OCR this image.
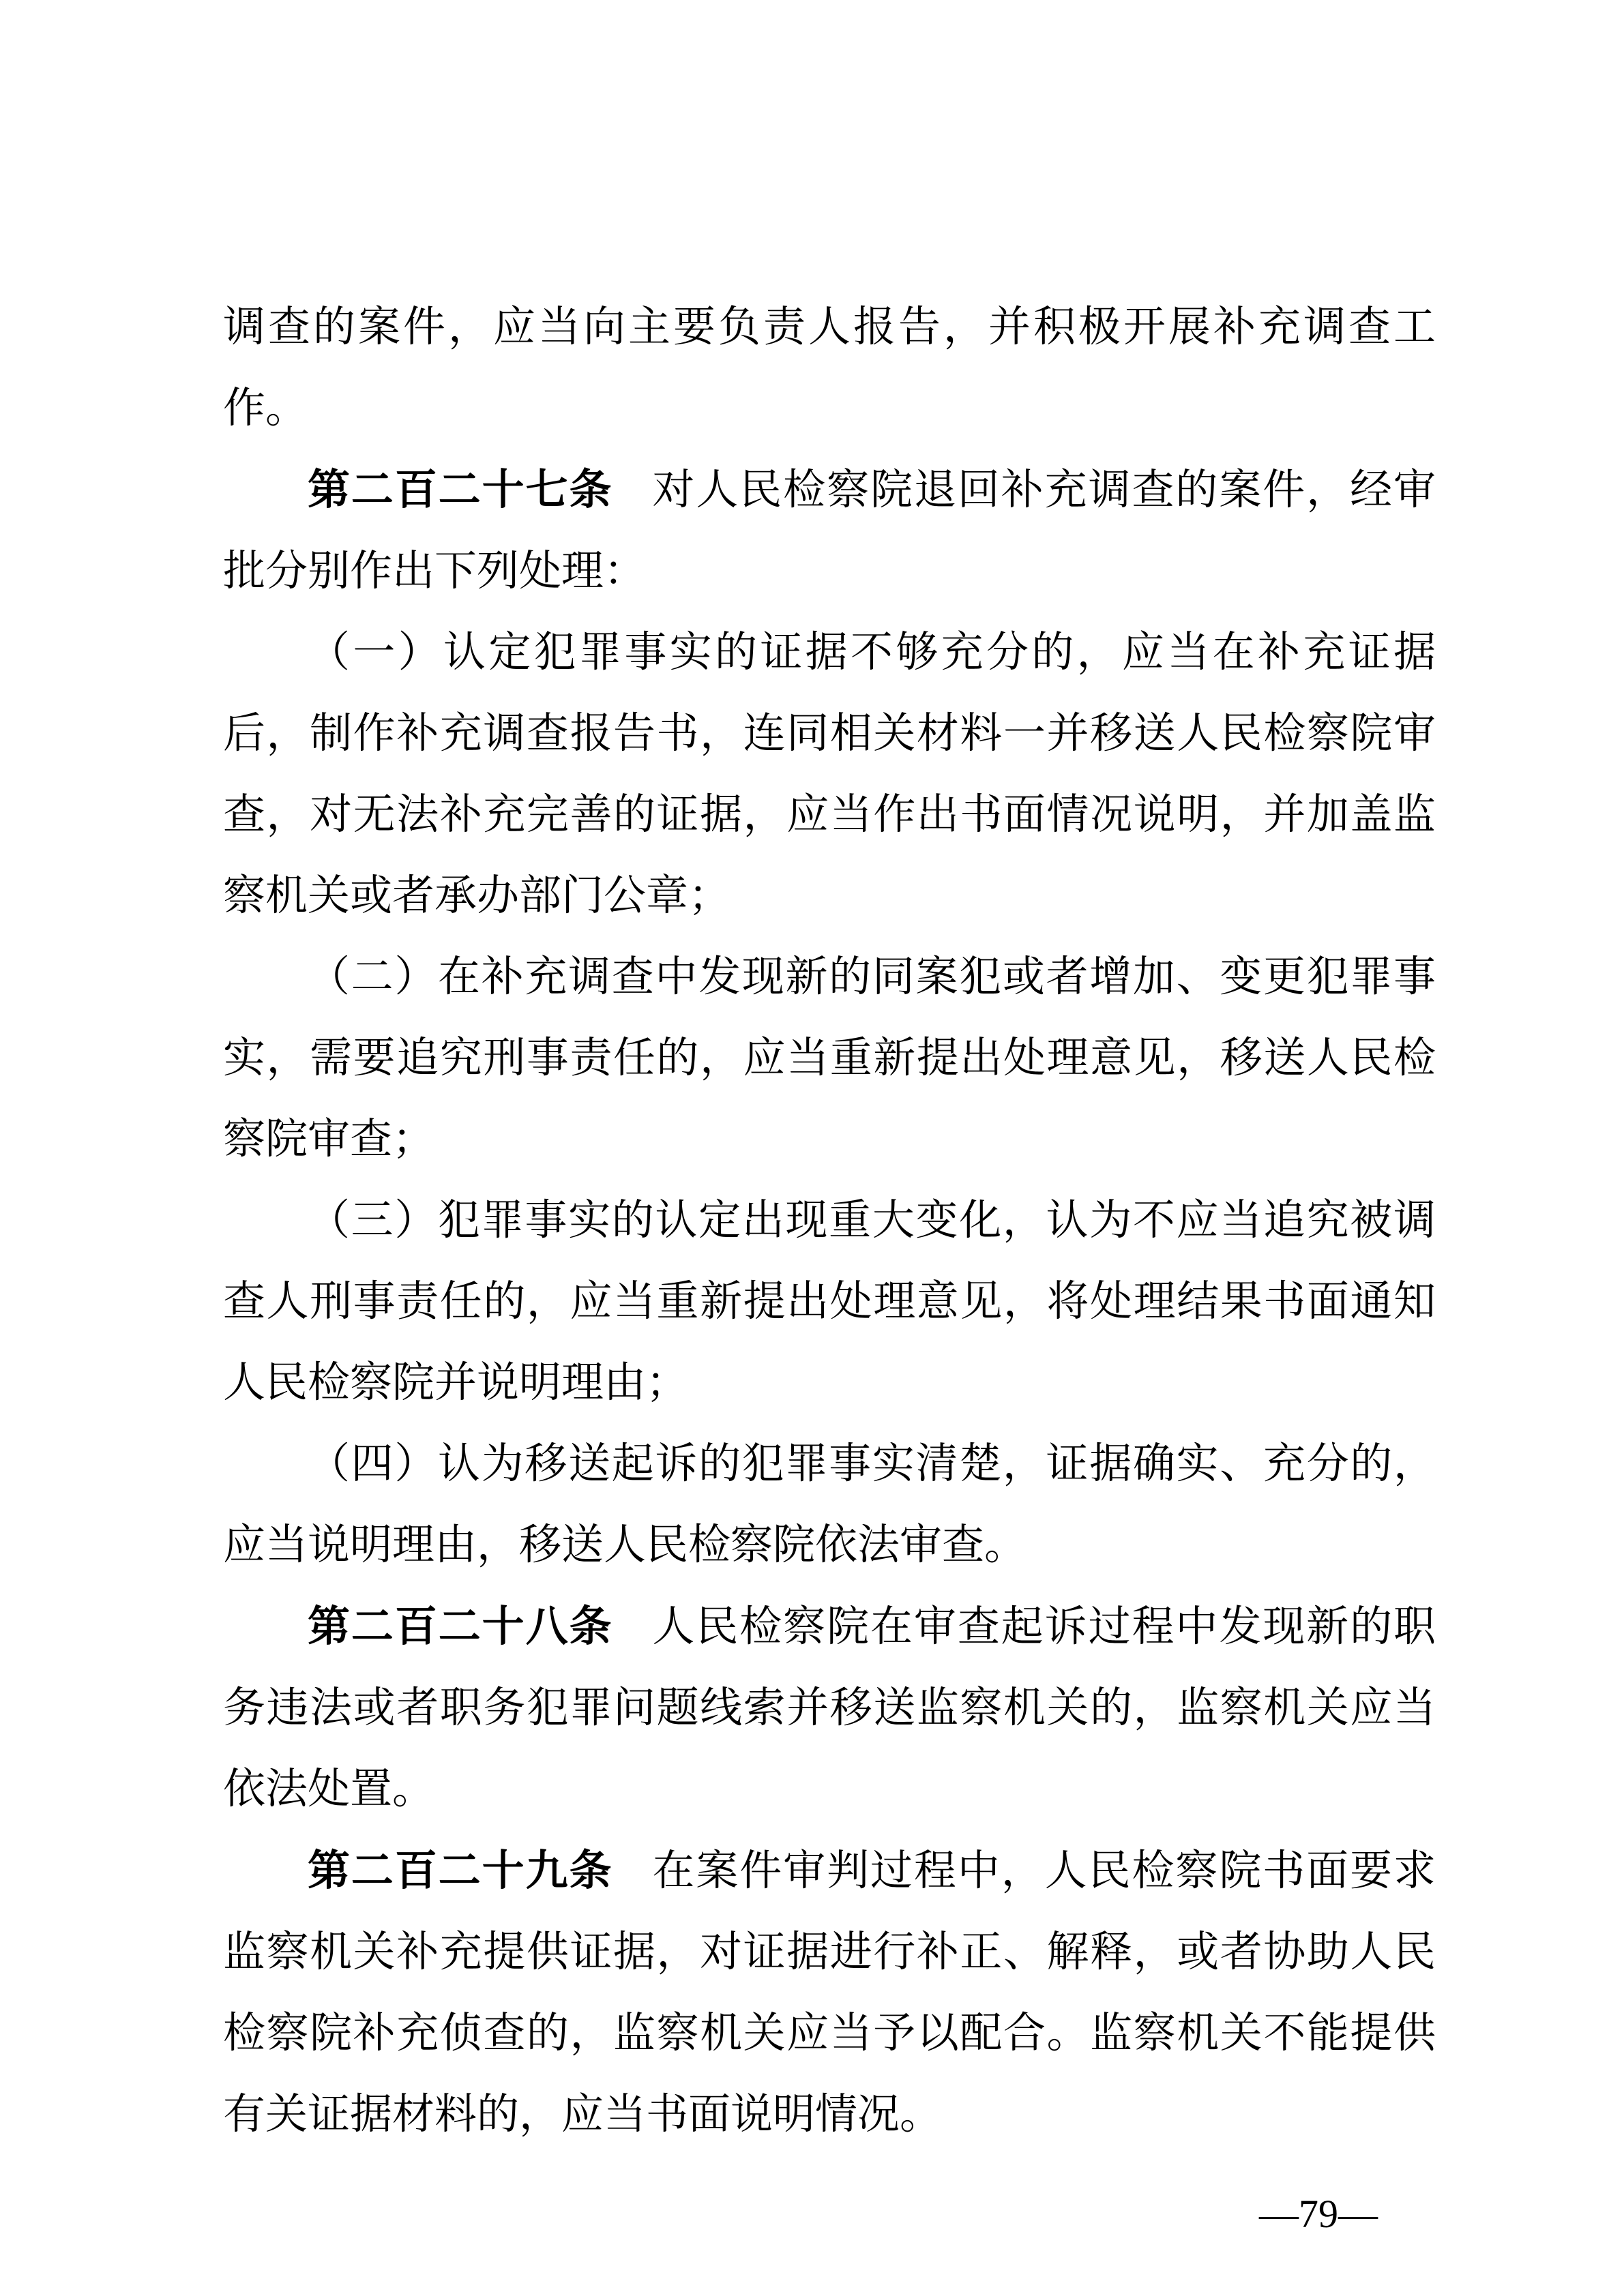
调查的案件，应当向主要负责人报告，并积极开展补充调查工作。

第二百二十七条 对人民检察院退回补充调查的案件，经审批分别作出下列处理：

（一）认定犯罪事实的证据不够充分的，应当在补充证据后，制作补充调查报告书，连同相关材料一并移送人民检察院审查，对无法补充完善的证据，应当作出书面情况说明，并加盖监察机关或者承办部门公章；

（二）在补充调查中发现新的同案犯或者增加、变更犯罪事实，需要追究刑事责任的，应当重新提出处理意见，移送人民检察院审查；

（三）犯罪事实的认定出现重大变化，认为不应当追究被调查人刑事责任的，应当重新提出处理意见，将处理结果书面通知人民检察院并说明理由；

（四）认为移送起诉的犯罪事实清楚，证据确实、充分的，应当说明理由，移送人民检察院依法审查。

第二百二十八条 人民检察院在审查起诉过程中发现新的职务违法或者职务犯罪问题线索并移送监察机关的，监察机关应当依法处置。

第二百二十九条 在案件审判过程中，人民检察院书面要求监察机关补充提供证据，对证据进行补正、解释，或者协助人民检察院补充侦查的，监察机关应当予以配合。监察机关不能提供有关证据材料的，应当书面说明情况。

—79—
